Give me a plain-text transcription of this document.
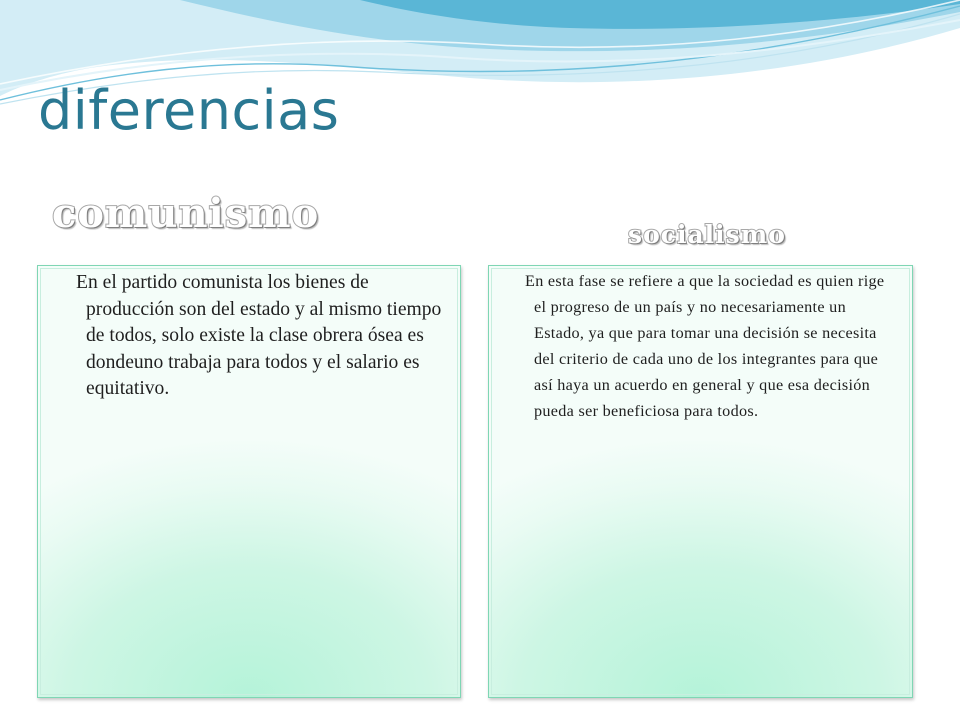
diferencias
comunismo	socialismo

En el partido comunista los bienes de producción son del estado y al mismo tiempo de todos, solo existe la clase obrera ósea es dondeuno trabaja para todos y el salario es equitativo.

En esta fase se refiere a que la sociedad es quien rige el progreso de un país y no necesariamente un Estado, ya que para tomar una decisión se necesita del criterio de cada uno de los integrantes para que así haya un acuerdo en general y que esa decisión pueda ser beneficiosa para todos.
